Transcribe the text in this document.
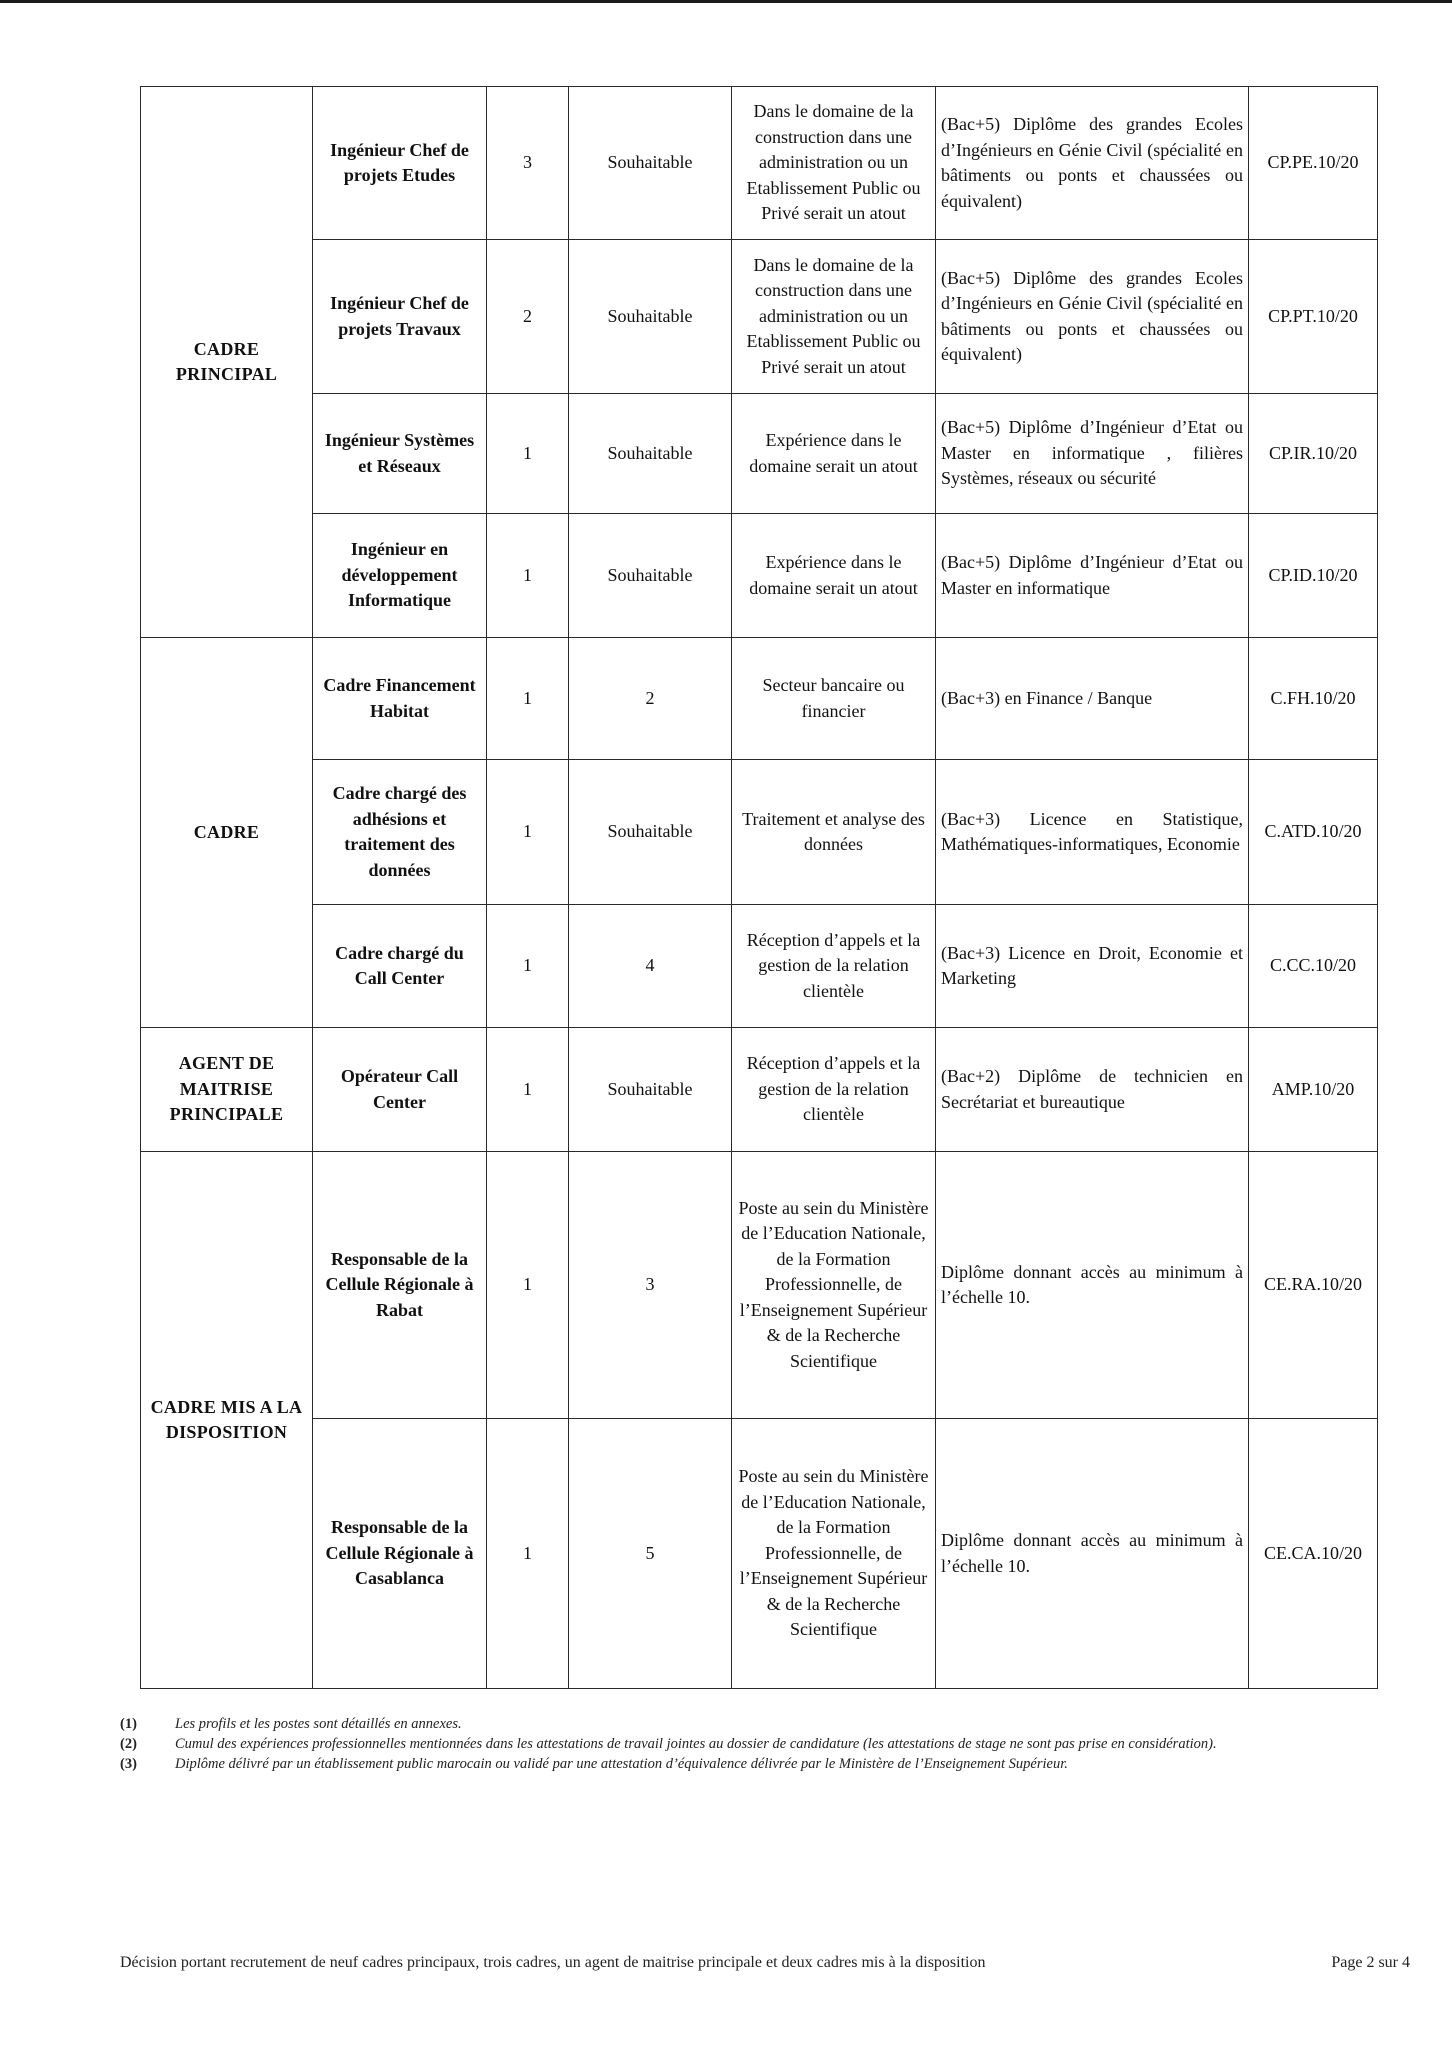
CADRE PRINCIPAL	Ingénieur Chef de projets Etudes	3	Souhaitable	Dans le domaine de la construction dans une administration ou un Etablissement Public ou Privé serait un atout	(Bac+5) Diplôme des grandes Ecoles d’Ingénieurs en Génie Civil (spécialité en bâtiments ou ponts et chaussées ou équivalent)	CP.PE.10/20
	Ingénieur Chef de projets Travaux	2	Souhaitable	Dans le domaine de la construction dans une administration ou un Etablissement Public ou Privé serait un atout	(Bac+5) Diplôme des grandes Ecoles d’Ingénieurs en Génie Civil (spécialité en bâtiments ou ponts et chaussées ou équivalent)	CP.PT.10/20
	Ingénieur Systèmes et Réseaux	1	Souhaitable	Expérience dans le domaine serait un atout	(Bac+5) Diplôme d’Ingénieur d’Etat ou Master en informatique , filières Systèmes, réseaux ou sécurité	CP.IR.10/20
	Ingénieur en développement Informatique	1	Souhaitable	Expérience dans le domaine serait un atout	(Bac+5) Diplôme d’Ingénieur d’Etat ou Master en informatique	CP.ID.10/20
CADRE	Cadre Financement Habitat	1	2	Secteur bancaire ou financier	(Bac+3) en Finance / Banque	C.FH.10/20
	Cadre chargé des adhésions et traitement des données	1	Souhaitable	Traitement et analyse des données	(Bac+3) Licence en Statistique, Mathématiques-informatiques, Economie	C.ATD.10/20
	Cadre chargé du Call Center	1	4	Réception d’appels et la gestion de la relation clientèle	(Bac+3) Licence en Droit, Economie et Marketing	C.CC.10/20
AGENT DE MAITRISE PRINCIPALE	Opérateur Call Center	1	Souhaitable	Réception d’appels et la gestion de la relation clientèle	(Bac+2) Diplôme de technicien en Secrétariat et bureautique	AMP.10/20
CADRE MIS A LA DISPOSITION	Responsable de la Cellule Régionale à Rabat	1	3	Poste au sein du Ministère de l’Education Nationale, de la Formation Professionnelle, de l’Enseignement Supérieur & de la Recherche Scientifique	Diplôme donnant accès au minimum à l’échelle 10.	CE.RA.10/20
	Responsable de la Cellule Régionale à Casablanca	1	5	Poste au sein du Ministère de l’Education Nationale, de la Formation Professionnelle, de l’Enseignement Supérieur & de la Recherche Scientifique	Diplôme donnant accès au minimum à l’échelle 10.	CE.CA.10/20
(1)	Les profils et les postes sont détaillés en annexes.
(2)	Cumul des expériences professionnelles mentionnées dans les attestations de travail jointes au dossier de candidature (les attestations de stage ne sont pas prise en considération).
(3)	Diplôme délivré par un établissement public marocain ou validé par une attestation d’équivalence délivrée par le Ministère de l’Enseignement Supérieur.
Décision portant recrutement de neuf cadres principaux, trois cadres, un agent de maitrise principale et deux cadres mis à la disposition	Page 2 sur 4
